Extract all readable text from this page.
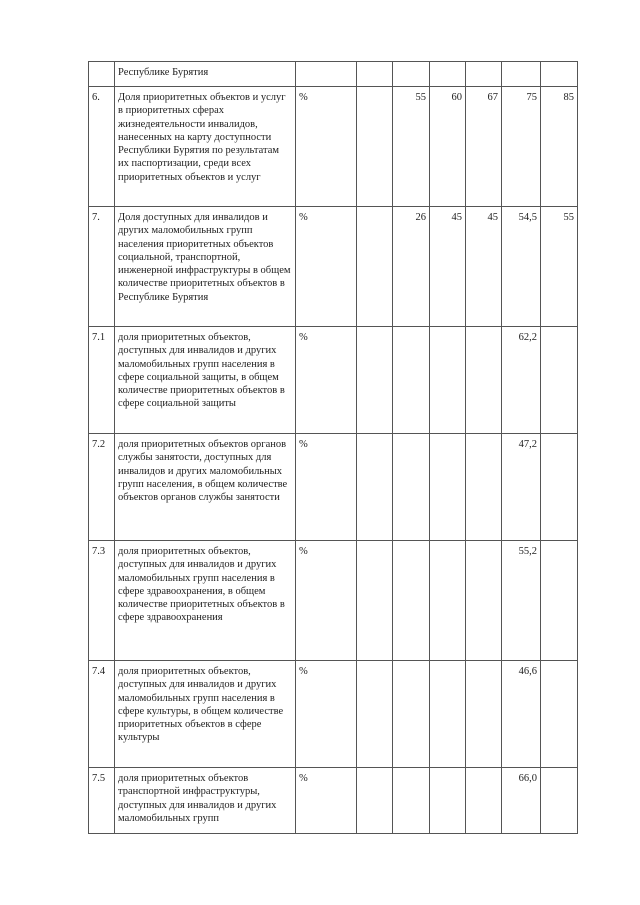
	Республике Бурятия							
6.	Доля приоритетных объектов и услуг в приоритетных сферах жизнедеятельности инвалидов, нанесенных на карту доступности Республики Бурятия по результатам их паспортизации, среди всех приоритетных объектов и услуг	%		55	60	67	75	85
7.	Доля доступных для инвалидов и других маломобильных групп населения приоритетных объектов социальной, транспортной, инженерной инфраструктуры в общем количестве приоритетных объектов в Республике Бурятия	%		26	45	45	54,5	55
7.1	доля приоритетных объектов, доступных для инвалидов и других маломобильных групп населения в сфере социальной защиты, в общем количестве приоритетных объектов в сфере социальной защиты	%					62,2	
7.2	доля приоритетных объектов органов службы занятости, доступных для инвалидов и других маломобильных групп населения, в общем количестве объектов органов службы занятости	%					47,2	
7.3	доля приоритетных объектов, доступных для инвалидов и других маломобильных групп населения в сфере здравоохранения, в общем количестве приоритетных объектов в сфере здравоохранения	%					55,2	
7.4	доля приоритетных объектов, доступных для инвалидов и других маломобильных групп населения в сфере культуры, в общем количестве приоритетных объектов в сфере культуры	%					46,6	
7.5	доля приоритетных объектов транспортной инфраструктуры, доступных для инвалидов и других маломобильных групп	%					66,0	
